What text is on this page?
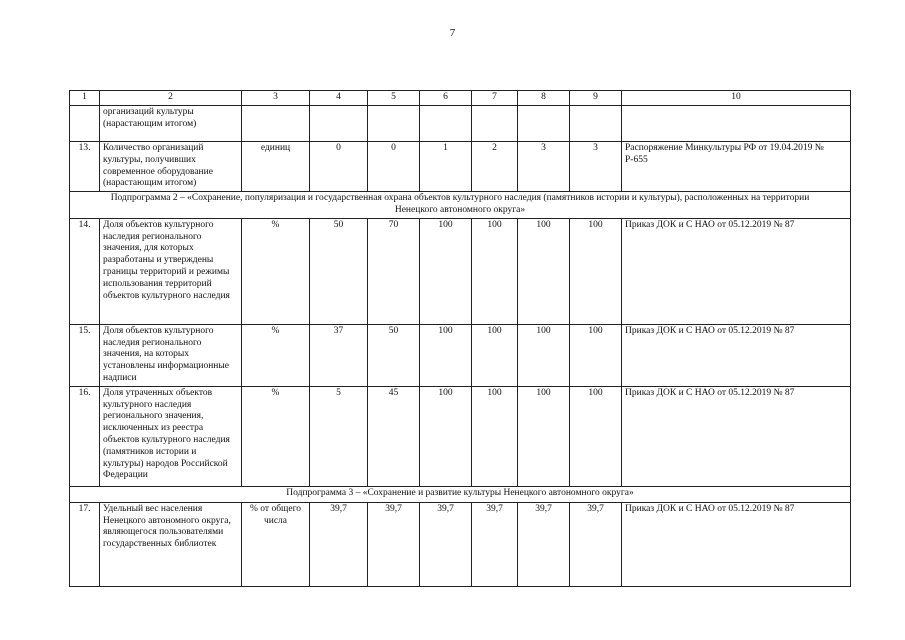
7
1	2	3	4	5	6	7	8	9	10
	организаций культуры (нарастающим итогом)								
13.	Количество организаций культуры, получивших современное оборудование (нарастающим итогом)	единиц	0	0	1	2	3	3	Распоряжение Минкультуры РФ от 19.04.2019 № Р-655
Подпрограмма 2 – «Сохранение, популяризация и государственная охрана объектов культурного наследия (памятников истории и культуры), расположенных на территории Ненецкого автономного округа»									
14.	Доля объектов культурного наследия регионального значения, для которых разработаны и утверждены границы территорий и режимы использования территорий объектов культурного наследия	%	50	70	100	100	100	100	Приказ ДОК и С НАО от 05.12.2019 № 87
15.	Доля объектов культурного наследия регионального значения, на которых установлены информационные надписи	%	37	50	100	100	100	100	Приказ ДОК и С НАО от 05.12.2019 № 87
16.	Доля утраченных объектов культурного наследия регионального значения, исключенных из реестра объектов культурного наследия (памятников истории и культуры) народов Российской Федерации	%	5	45	100	100	100	100	Приказ ДОК и С НАО от 05.12.2019 № 87
Подпрограмма 3 – «Сохранение и развитие культуры Ненецкого автономного округа»									
17.	Удельный вес населения Ненецкого автономного округа, являющегося пользователями государственных библиотек	% от общего числа	39,7	39,7	39,7	39,7	39,7	39,7	Приказ ДОК и С НАО от 05.12.2019 № 87
